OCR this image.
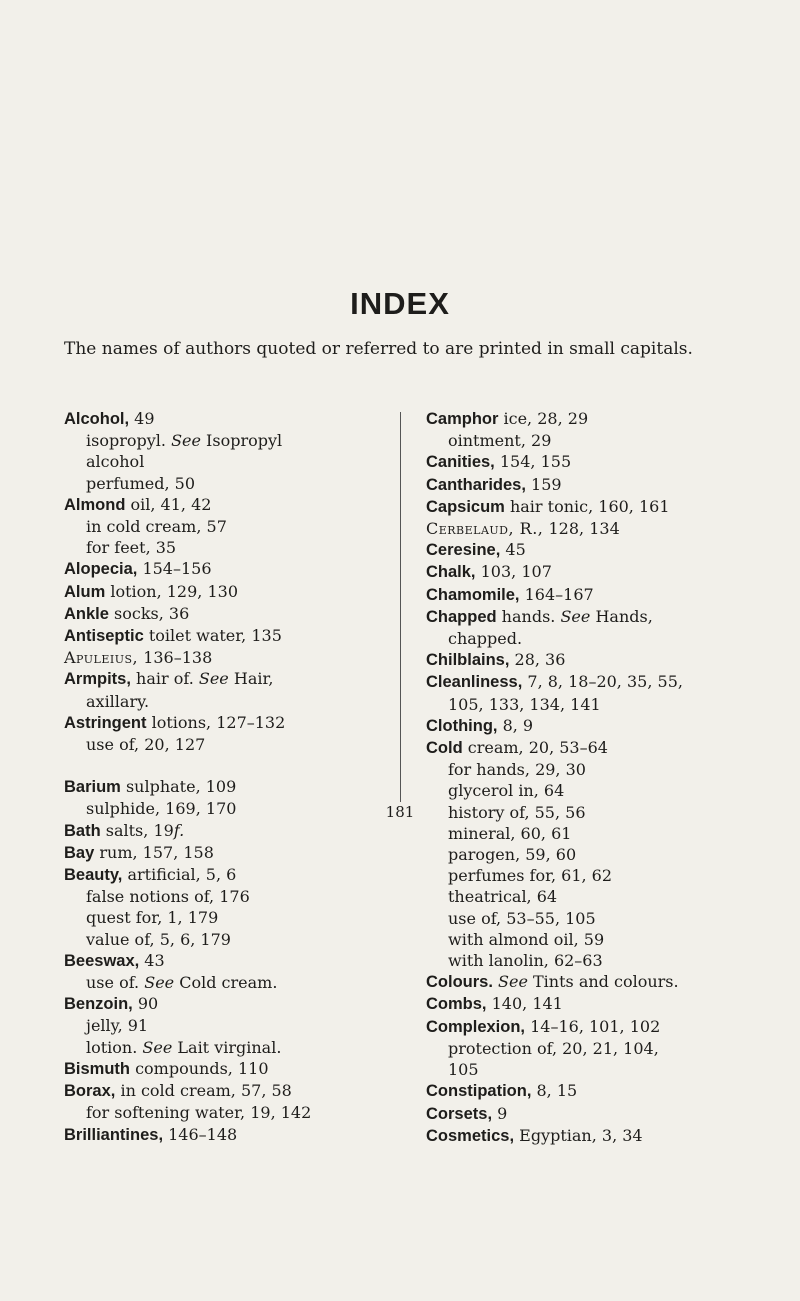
INDEX

The names of authors quoted or referred to are printed in small capitals.

Alcohol, 49
isopropyl. See Isopropyl
alcohol
perfumed, 50
Almond oil, 41, 42
in cold cream, 57
for feet, 35
Alopecia, 154–156
Alum lotion, 129, 130
Ankle socks, 36
Antiseptic toilet water, 135
Apuleius, 136–138
Armpits, hair of. See Hair,
axillary.
Astringent lotions, 127–132
use of, 20, 127
Barium sulphate, 109
sulphide, 169, 170
Bath salts, 19f.
Bay rum, 157, 158
Beauty, artificial, 5, 6
false notions of, 176
quest for, 1, 179
value of, 5, 6, 179
Beeswax, 43
use of. See Cold cream.
Benzoin, 90
jelly, 91
lotion. See Lait virginal.
Bismuth compounds, 110
Borax, in cold cream, 57, 58
for softening water, 19, 142
Brilliantines, 146–148
Camphor ice, 28, 29
ointment, 29
Canities, 154, 155
Cantharides, 159
Capsicum hair tonic, 160, 161
Cerbelaud, R., 128, 134
Ceresine, 45
Chalk, 103, 107
Chamomile, 164–167
Chapped hands. See Hands,
chapped.
Chilblains, 28, 36
Cleanliness, 7, 8, 18–20, 35, 55,
105, 133, 134, 141
Clothing, 8, 9
Cold cream, 20, 53–64
for hands, 29, 30
glycerol in, 64
history of, 55, 56
mineral, 60, 61
parogen, 59, 60
perfumes for, 61, 62
theatrical, 64
use of, 53–55, 105
with almond oil, 59
with lanolin, 62–63
Colours. See Tints and colours.
Combs, 140, 141
Complexion, 14–16, 101, 102
protection of, 20, 21, 104,
105
Constipation, 8, 15
Corsets, 9
Cosmetics, Egyptian, 3, 34
181
